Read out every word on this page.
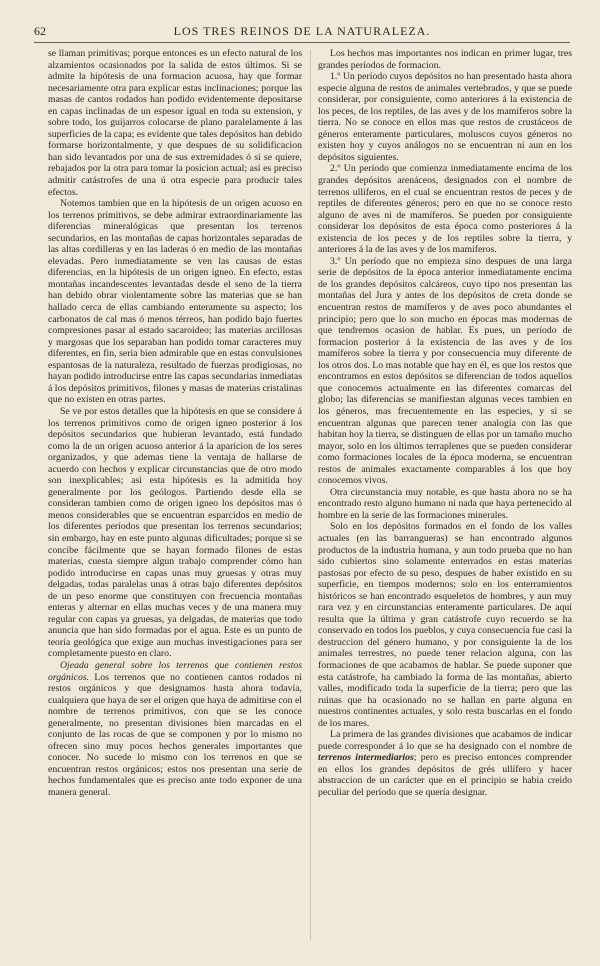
62	LOS TRES REINOS DE LA NATURALEZA.

se llaman primitivas; porque entonces es un efecto natural de los alzamientos ocasionados por la salida de estos últimos. Si se admite la hipótesis de una formacion acuosa, hay que formar necesariamente otra para explicar estas inclinaciones; porque las masas de cantos rodados han podido evidentemente depositarse en capas inclinadas de un espesor igual en toda su extension, y sobre todo, los guijarros colocarse de plano paralelamente á las superficies de la capa; es evidente que tales depósitos han debido formarse horizontalmente, y que despues de su solidificacion han sido levantados por una de sus extremidades ó si se quiere, rebajados por la otra para tomar la posicion actual; asi es preciso admitir catástrofes de una ú otra especie para producir tales efectos.

Notemos tambien que en la hipótesis de un origen acuoso en los terrenos primitivos, se debe admirar extraordinariamente las diferencias mineralógicas que presentan los terrenos secundarios, en las montañas de capas horizontales separadas de las altas cordilleras y en las laderas ó en medio de las montañas elevadas. Pero inmediatamente se ven las causas de estas diferencias, en la hipótesis de un origen igneo. En efecto, estas montañas incandescentes levantadas desde el seno de la tierra han debido obrar violentamente sobre las materias que se han hallado cerca de ellas cambiando enteramente su aspecto; los carbonatos de cal mas ó menos térreos, han podido bajo fuertes compresiones pasar al estado sacaroideo; las materias arcillosas y margosas que los separaban han podido tomar caracteres muy diferentes, en fin, seria bien admirable que en estas convulsiones espantosas de la naturaleza, resultado de fuerzas prodigiosas, no hayan podido introducirse entre las capas secundarias inmediatas á los depósitos primitivos, filones y masas de materias cristalinas que no existen en otras partes.

Se ve por estos detalles que la hipótesis en que se considere á los terrenos primitivos como de origen igneo posterior á los depósitos secundarios que hubieran levantado, está fundado como la de un origen acuoso anterior á la aparicion de los seres organizados, y que ademas tiene la ventaja de hallarse de acuerdo con hechos y explicar circunstancias que de otro modo son inexplicables; asi esta hipótesis es la admitida hoy generalmente por los geólogos. Partiendo desde ella se consideran tambien como de origen igneo los depósitos mas ó menos considerables que se encuentran esparcidos en medio de los diferentes períodos que presentan los terrenos secundarios; sin embargo, hay en este punto algunas dificultades; porque si se concibe fácilmente que se hayan formado filones de estas materias, cuesta siempre algun trabajo comprender cómo han podido introducirse en capas unas muy gruesas y otras muy delgadas, todas paralelas unas á otras bajo diferentes depósitos de un peso enorme que constituyen con frecuencia montañas enteras y alternar en ellas muchas veces y de una manera muy regular con capas ya gruesas, ya delgadas, de materias que todo anuncia que han sido formadas por el agua. Este es un punto de teoría geológica que exige aun muchas investigaciones para ser completamente puesto en claro.

Ojeada general sobre los terrenos que contienen restos orgánicos. Los terrenos que no contienen cantos rodados ni restos orgánicos y que designamos hasta ahora todavía, cualquiera que haya de ser el origen que haya de admitirse con el nombre de terrenos primitivos, con que se les conoce generalmente, no presentan divisiones bien marcadas en el conjunto de las rocas de que se componen y por lo mismo no ofrecen sino muy pocos hechos generales importantes que conocer. No sucede lo mismo con los terrenos en que se encuentran restos orgánicos; estos nos presentan una serie de hechos fundamentales que es preciso ante todo exponer de una manera general.

Los hechos mas importantes nos indican en primer lugar, tres grandes períodos de formacion.

1.º Un período cuyos depósitos no han presentado hasta ahora especie alguna de restos de animales vertebrados, y que se puede considerar, por consiguiente, como anteriores á la existencia de los peces, de los reptiles, de las aves y de los mamíferos sobre la tierra. No se conoce en ellos mas que restos de crustáceos de géneros enteramente particulares, moluscos cuyos géneros no existen hoy y cuyos análogos no se encuentran ni aun en los depósitos siguientes.

2.º Un período que comienza inmediatamente encima de los grandes depósitos arenáceos, designados con el nombre de terrenos ulliferos, en el cual se encuentran restos de peces y de reptiles de diferentes géneros; pero en que no se conoce resto alguno de aves ni de mamíferos. Se pueden por consiguiente considerar los depósitos de esta época como posteriores á la existencia de los peces y de los reptiles sobre la tierra, y anteriores á la de las aves y de los mamíferos.

3.º Un período que no empieza sino despues de una larga serie de depósitos de la época anterior inmediatamente encima de los grandes depósitos calcáreos, cuyo tipo nos presentan las montañas del Jura y antes de los depósitos de creta donde se encuentran restos de mamíferos y de aves poco abundantes el principio; pero que lo son mucho en épocas mas modernas de que tendremos ocasion de hablar. Es pues, un período de formacion posterior á la existencia de las aves y de los mamíferos sobre la tierra y por consecuencia muy diferente de los otros dos. Lo mas notable que hay en él, es que los restos que encontramos en estos depósitos se diferencian de todos aquellos que conocemos actualmente en las diferentes comarcas del globo; las diferencias se manifiestan algunas veces tambien en los géneros, mas frecuentemente en las especies, y si se encuentran algunas que parecen tener analogía con las que habitan hoy la tierra, se distinguen de ellas por un tamaño mucho mayor, solo en los últimos terraplenes que se pueden considerar como formaciones locales de la época moderna, se encuentran restos de animales exactamente comparables á los que hoy conocemos vivos.

Otra circunstancia muy notable, es que hasta ahora no se ha encontrado resto alguno humano ni nada que haya pertenecido al hombre en la serie de las formaciones minerales.

Solo en los depósitos formados en el fondo de los valles actuales (en las barrangueras) se han encontrado algunos productos de la industria humana, y aun todo prueba que no han sido cubiertos sino solamente enterrados en estas materias pastosas por efecto de su peso, despues de haber existido en su superficie, en tiempos modernos; solo en los enterramientos históricos se han encontrado esqueletos de hombres, y aun muy rara vez y en circunstancias enteramente particulares. De aquí resulta que la última y gran catástrofe cuyo recuerdo se ha conservado en todos los pueblos, y cuya consecuencia fue casi la destruccion del género humano, y por consiguiente la de los animales terrestres, no puede tener relacion alguna, con las formaciones de que acabamos de hablar. Se puede suponer que esta catástrofe, ha cambiado la forma de las montañas, abierto valles, modificado toda la superficie de la tierra; pero que las ruinas que ha ocasionado no se hallan en parte alguna en nuestros continentes actuales, y solo resta buscarlas en el fondo de los mares.

La primera de las grandes divisiones que acabamos de indicar puede corresponder á lo que se ha designado con el nombre de terrenos intermediarios; pero es preciso entonces comprender en ellos los grandes depósitos de grés ullífero y hacer abstraccion de un carácter que en el principio se habia creido peculiar del período que se quería designar.
